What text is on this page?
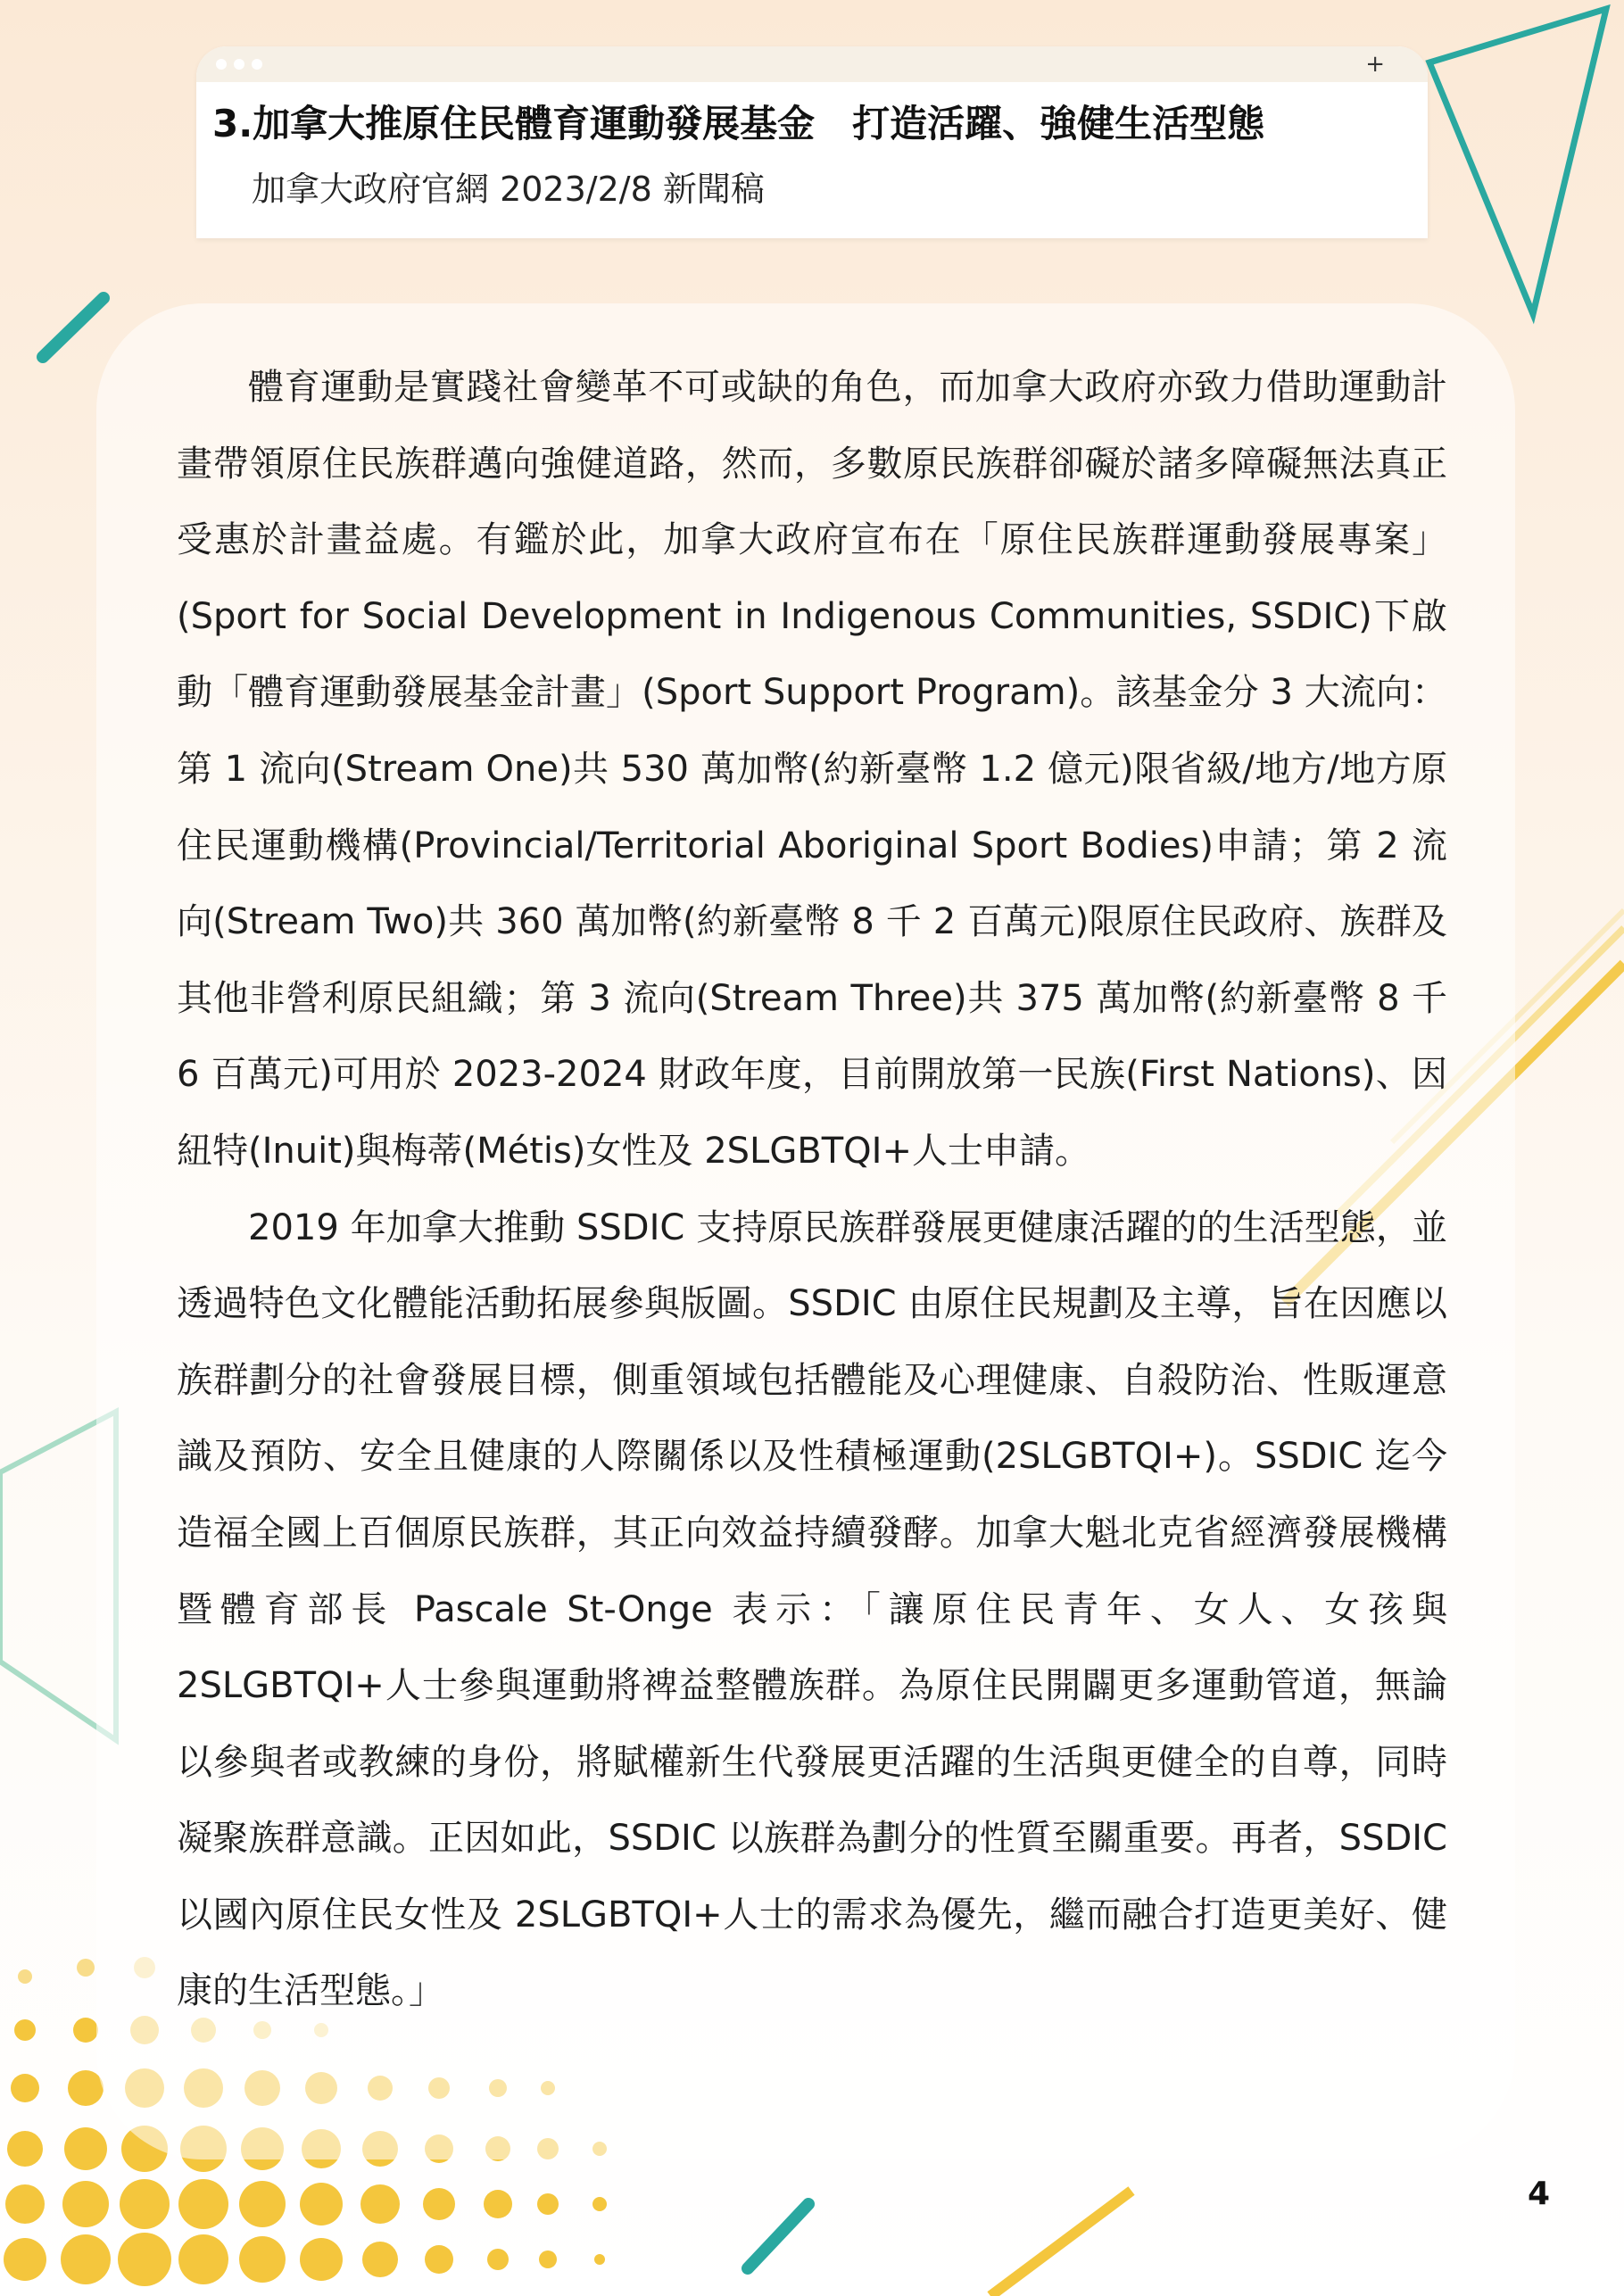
+
3.加拿大推原住民體育運動發展基金　打造活躍、強健生活型態
加拿大政府官網 2023/2/8 新聞稿

體育運動是實踐社會變革不可或缺的角色，而加拿大政府亦致力借助運動計畫帶領原住民族群邁向強健道路，然而，多數原民族群卻礙於諸多障礙無法真正受惠於計畫益處。有鑑於此，加拿大政府宣布在「原住民族群運動發展專案」(Sport for Social Development in Indigenous Communities, SSDIC)下啟動「體育運動發展基金計畫」(Sport Support Program)。該基金分 3 大流向：第 1 流向(Stream One)共 530 萬加幣(約新臺幣 1.2 億元)限省級/地方/地方原住民運動機構(Provincial/Territorial Aboriginal Sport Bodies)申請；第 2 流向(Stream Two)共 360 萬加幣(約新臺幣 8 千 2 百萬元)限原住民政府、族群及其他非營利原民組織；第 3 流向(Stream Three)共 375 萬加幣(約新臺幣 8 千 6 百萬元)可用於 2023-2024 財政年度，目前開放第一民族(First Nations)、因紐特(Inuit)與梅蒂(Métis)女性及 2SLGBTQI+人士申請。

2019 年加拿大推動 SSDIC 支持原民族群發展更健康活躍的的生活型態，並透過特色文化體能活動拓展參與版圖。SSDIC 由原住民規劃及主導，旨在因應以族群劃分的社會發展目標，側重領域包括體能及心理健康、自殺防治、性販運意識及預防、安全且健康的人際關係以及性積極運動(2SLGBTQI+)。SSDIC 迄今造福全國上百個原民族群，其正向效益持續發酵。加拿大魁北克省經濟發展機構暨體育部長 Pascale St-Onge 表示：「讓原住民青年、女人、女孩與 2SLGBTQI+人士參與運動將裨益整體族群。為原住民開闢更多運動管道，無論以參與者或教練的身份，將賦權新生代發展更活躍的生活與更健全的自尊，同時凝聚族群意識。正因如此，SSDIC 以族群為劃分的性質至關重要。再者，SSDIC 以國內原住民女性及 2SLGBTQI+人士的需求為優先，繼而融合打造更美好、健康的生活型態。」

4
